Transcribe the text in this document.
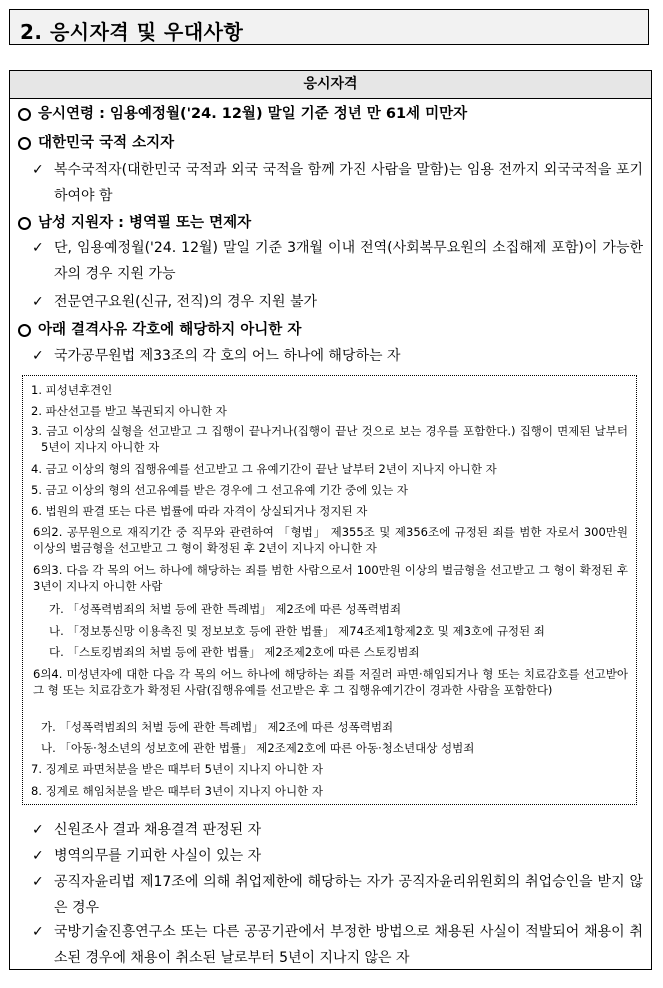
2. 응시자격 및 우대사항
응시자격
응시연령 : 임용예정월('24. 12월) 말일 기준 정년 만 61세 미만자
대한민국 국적 소지자
✓ 복수국적자(대한민국 국적과 외국 국적을 함께 가진 사람을 말함)는 임용 전까지 외국국적을 포기하여야 함
남성 지원자 : 병역필 또는 면제자
✓ 단, 임용예정월('24. 12월) 말일 기준 3개월 이내 전역(사회복무요원의 소집해제 포함)이 가능한 자의 경우 지원 가능
✓ 전문연구요원(신규, 전직)의 경우 지원 불가
아래 결격사유 각호에 해당하지 아니한 자
✓ 국가공무원법 제33조의 각 호의 어느 하나에 해당하는 자
1. 피성년후견인
2. 파산선고를 받고 복권되지 아니한 자
3. 금고 이상의 실형을 선고받고 그 집행이 끝나거나(집행이 끝난 것으로 보는 경우를 포함한다.) 집행이 면제된 날부터 5년이 지나지 아니한 자
4. 금고 이상의 형의 집행유예를 선고받고 그 유예기간이 끝난 날부터 2년이 지나지 아니한 자
5. 금고 이상의 형의 선고유예를 받은 경우에 그 선고유예 기간 중에 있는 자
6. 법원의 판결 또는 다른 법률에 따라 자격이 상실되거나 정지된 자
6의2. 공무원으로 재직기간 중 직무와 관련하여 「형법」 제355조 및 제356조에 규정된 죄를 범한 자로서 300만원 이상의 벌금형을 선고받고 그 형이 확정된 후 2년이 지나지 아니한 자
6의3. 다음 각 목의 어느 하나에 해당하는 죄를 범한 사람으로서 100만원 이상의 벌금형을 선고받고 그 형이 확정된 후 3년이 지나지 아니한 사람
가. 「성폭력범죄의 처벌 등에 관한 특례법」 제2조에 따른 성폭력범죄
나. 「정보통신망 이용촉진 및 정보보호 등에 관한 법률」 제74조제1항제2호 및 제3호에 규정된 죄
다. 「스토킹범죄의 처벌 등에 관한 법률」 제2조제2호에 따른 스토킹범죄
6의4. 미성년자에 대한 다음 각 목의 어느 하나에 해당하는 죄를 저질러 파면·해임되거나 형 또는 치료감호를 선고받아 그 형 또는 치료감호가 확정된 사람(집행유예를 선고받은 후 그 집행유예기간이 경과한 사람을 포함한다)
가. 「성폭력범죄의 처벌 등에 관한 특례법」 제2조에 따른 성폭력범죄
나. 「아동·청소년의 성보호에 관한 법률」 제2조제2호에 따른 아동·청소년대상 성범죄
7. 징계로 파면처분을 받은 때부터 5년이 지나지 아니한 자
8. 징계로 해임처분을 받은 때부터 3년이 지나지 아니한 자
✓ 신원조사 결과 채용결격 판정된 자
✓ 병역의무를 기피한 사실이 있는 자
✓ 공직자윤리법 제17조에 의해 취업제한에 해당하는 자가 공직자윤리위원회의 취업승인을 받지 않은 경우
✓ 국방기술진흥연구소 또는 다른 공공기관에서 부정한 방법으로 채용된 사실이 적발되어 채용이 취소된 경우에 채용이 취소된 날로부터 5년이 지나지 않은 자
